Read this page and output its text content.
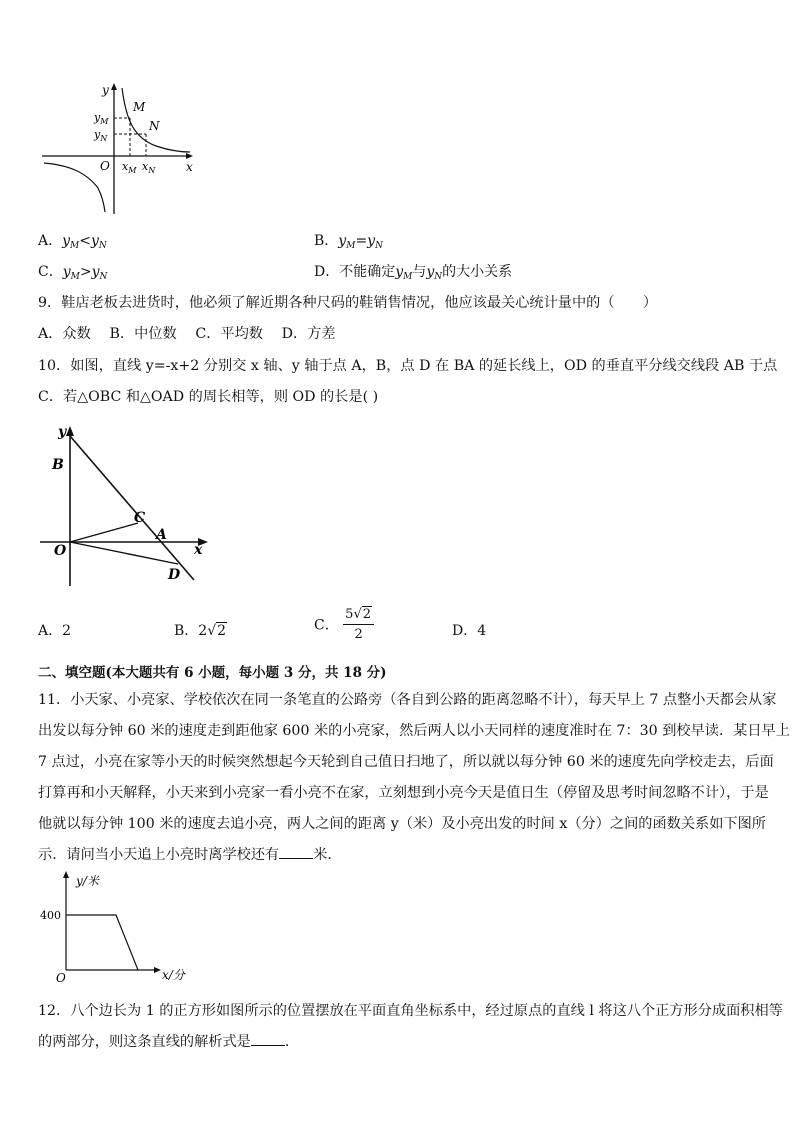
y
x
O
M
N
$y_M$
$y_N$
$x_M$ $x_N$
A．$y_M<y_N$	B．$y_M=y_N$
C．$y_M>y_N$	D．不能确定$y_M$与$y_N$的大小关系
9．鞋店老板去进货时，他必须了解近期各种尺码的鞋销售情况，他应该最关心统计量中的（　　）
A．众数　 B．中位数　 C．平均数　 D．方差
10．如图，直线 y=-x+2 分别交 x 轴、y 轴于点 A，B，点 D 在 BA 的延长线上，OD 的垂直平分线交线段 AB 于点
C．若△OBC 和△OAD 的周长相等，则 OD 的长是( )
y
x
O
B
C
A
D
A．2	B．2√2	C． $\frac{5√2}{2}$	D．4
二、填空题(本大题共有 6 小题，每小题 3 分，共 18 分)
11．小天家、小亮家、学校依次在同一条笔直的公路旁（各自到公路的距离忽略不计），每天早上 7 点整小天都会从家
出发以每分钟 60 米的速度走到距他家 600 米的小亮家，然后两人以小天同样的速度准时在 7：30 到校早读．某日早上
7 点过，小亮在家等小天的时候突然想起今天轮到自己值日扫地了，所以就以每分钟 60 米的速度先向学校走去，后面
打算再和小天解释，小天来到小亮家一看小亮不在家，立刻想到小亮今天是值日生（停留及思考时间忽略不计），于是
他就以每分钟 100 米的速度去追小亮，两人之间的距离 y（米）及小亮出发的时间 x（分）之间的函数关系如下图所
示．请问当小天追上小亮时离学校还有 米．
y/米
x/分
O
400
12．八个边长为 1 的正方形如图所示的位置摆放在平面直角坐标系中，经过原点的直线 l 将这八个正方形分成面积相等
的两部分，则这条直线的解析式是 .
